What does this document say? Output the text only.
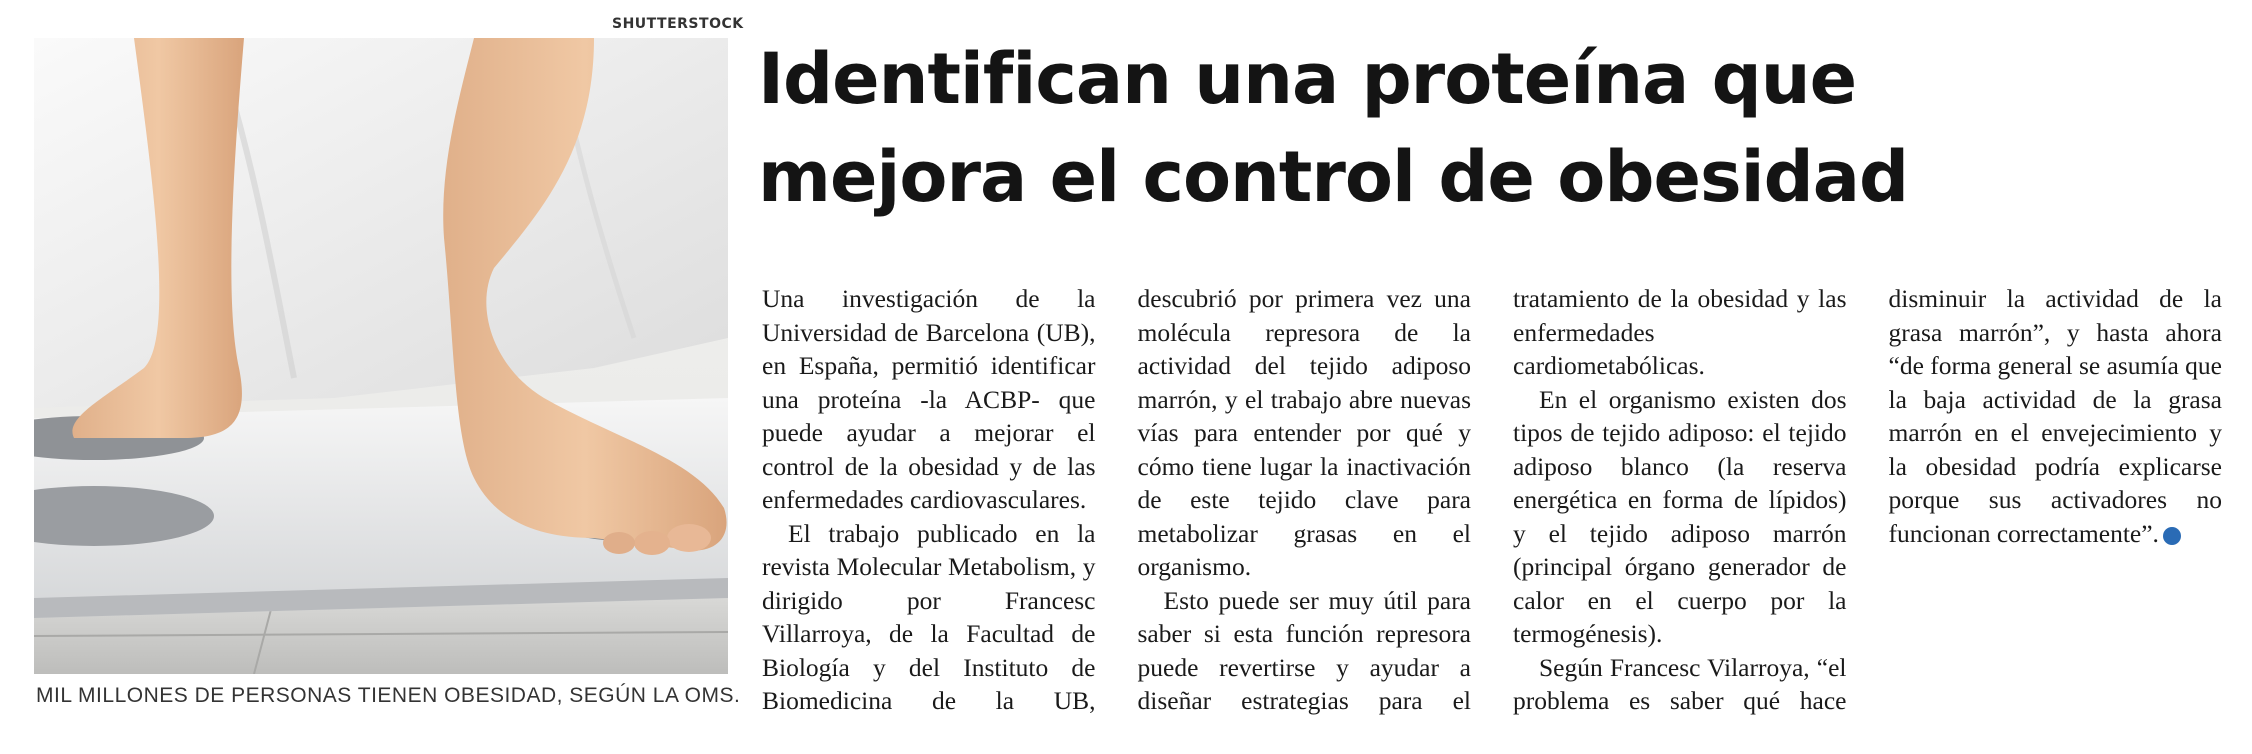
SHUTTERSTOCK
MIL MILLONES DE PERSONAS TIENEN OBESIDAD, SEGÚN LA OMS.
Identifican una proteína que
mejora el control de obesidad

Una investigación de la Universidad de Barcelona (UB), en España, permitió identificar una proteína -la ACBP- que puede ayudar a mejorar el control de la obesidad y de las enfermedades cardiovasculares.

El trabajo publicado en la revista Molecular Metabolism, y dirigido por Francesc Villarroya, de la Facultad de Biología y del Instituto de Biomedicina de la UB, descubrió por primera vez una molécula represora de la actividad del tejido adiposo marrón, y el trabajo abre nuevas vías para entender por qué y cómo tiene lugar la inactivación de este tejido clave para metabolizar grasas en el organismo.

Esto puede ser muy útil para saber si esta función represora puede revertirse y ayudar a diseñar estrategias para el tratamiento de la obesidad y las enfermedades cardiometabólicas.

En el organismo existen dos tipos de tejido adiposo: el tejido adiposo blanco (la reserva energética en forma de lípidos) y el tejido adiposo marrón (principal órgano generador de calor en el cuerpo por la termogénesis).

Según Francesc Vilarroya, “el problema es saber qué hace disminuir la actividad de la grasa marrón”, y hasta ahora “de forma general se asumía que la baja actividad de la grasa marrón en el envejecimiento y la obesidad podría explicarse porque sus activadores no funcionan correctamente”. ✪
